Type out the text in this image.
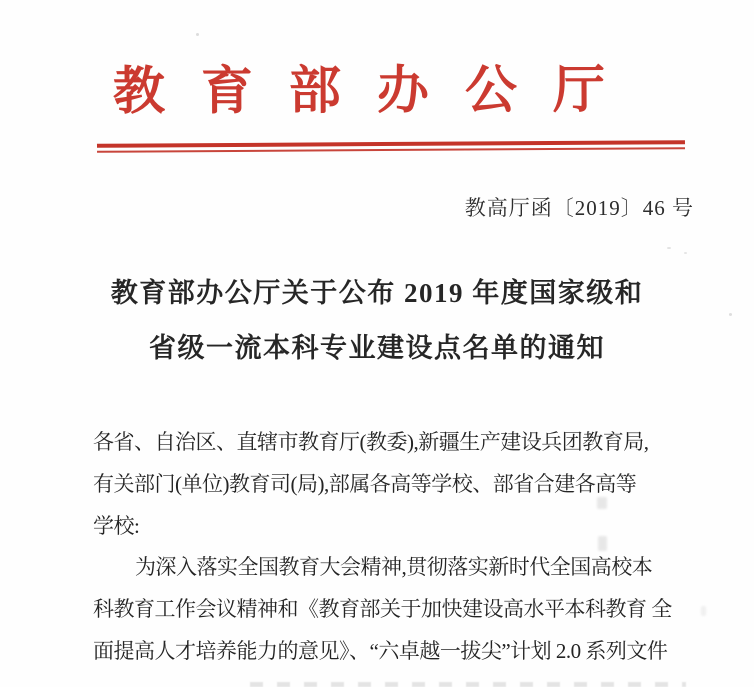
教育部办公厅
教高厅函〔2019〕46 号
教育部办公厅关于公布 2019 年度国家级和
省级一流本科专业建设点名单的通知
各省、自治区、直辖市教育厅(教委),新疆生产建设兵团教育局,
有关部门(单位)教育司(局),部属各高等学校、部省合建各高等
学校:
为深入落实全国教育大会精神,贯彻落实新时代全国高校本
科教育工作会议精神和《教育部关于加快建设高水平本科教育 全
面提高人才培养能力的意见》、“六卓越一拔尖”计划 2.0 系列文件
